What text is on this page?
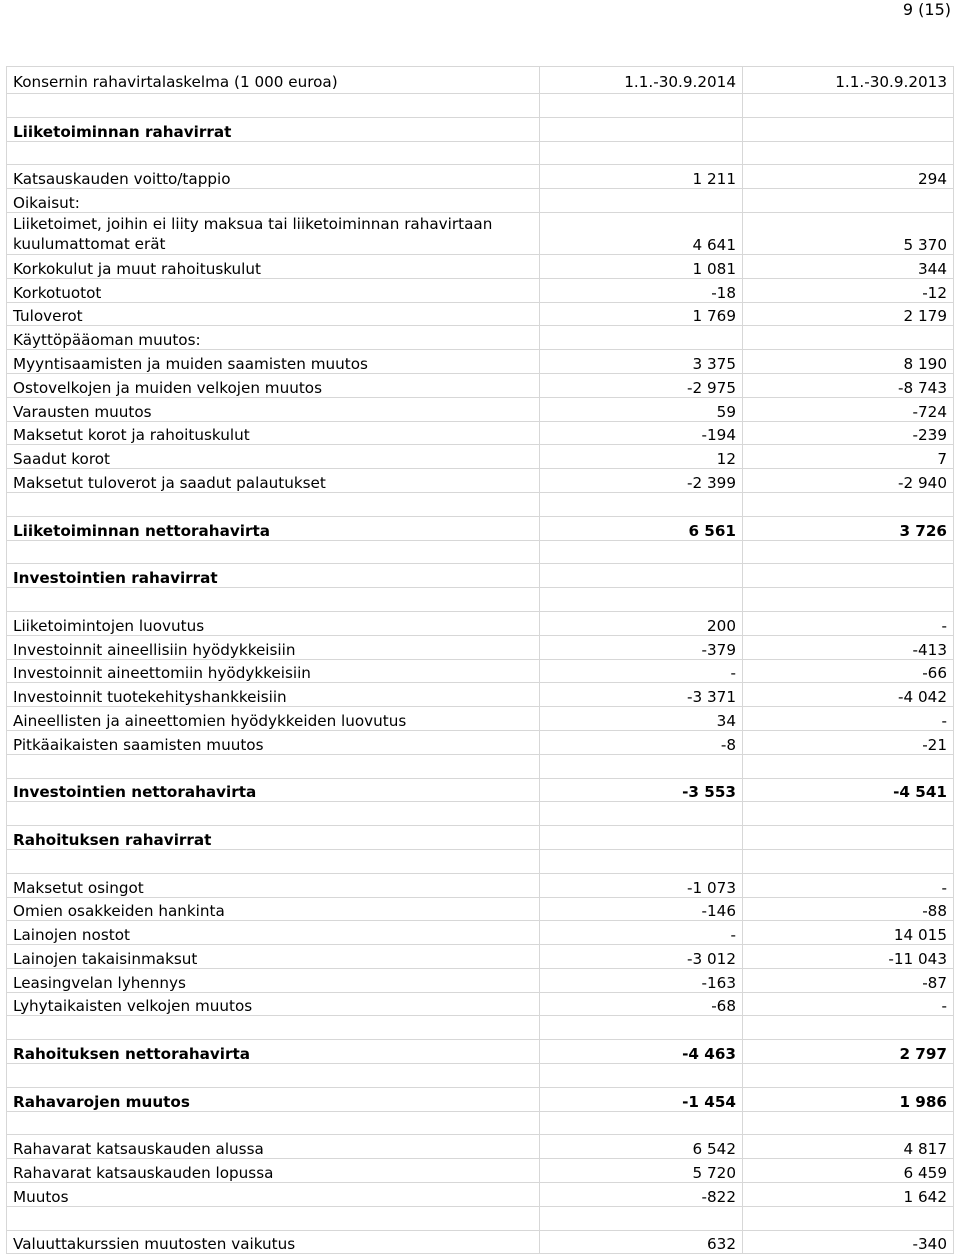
9 (15)
Konsernin rahavirtalaskelma (1 000 euroa)	1.1.-30.9.2014	1.1.-30.9.2013

Liiketoiminnan rahavirrat		

Katsauskauden voitto/tappio	1 211	294
Oikaisut:		
Liiketoimet, joihin ei liity maksua tai liiketoiminnan rahavirtaan kuulumattomat erät	4 641	5 370
Korkokulut ja muut rahoituskulut	1 081	344
Korkotuotot	-18	-12
Tuloverot	1 769	2 179
Käyttöpääoman muutos:		
Myyntisaamisten ja muiden saamisten muutos	3 375	8 190
Ostovelkojen ja muiden velkojen muutos	-2 975	-8 743
Varausten muutos	59	-724
Maksetut korot ja rahoituskulut	-194	-239
Saadut korot	12	7
Maksetut tuloverot ja saadut palautukset	-2 399	-2 940

Liiketoiminnan nettorahavirta	6 561	3 726

Investointien rahavirrat		

Liiketoimintojen luovutus	200	-
Investoinnit aineellisiin hyödykkeisiin	-379	-413
Investoinnit aineettomiin hyödykkeisiin	-	-66
Investoinnit tuotekehityshankkeisiin	-3 371	-4 042
Aineellisten ja aineettomien hyödykkeiden luovutus	34	-
Pitkäaikaisten saamisten muutos	-8	-21

Investointien nettorahavirta	-3 553	-4 541

Rahoituksen rahavirrat		

Maksetut osingot	-1 073	-
Omien osakkeiden hankinta	-146	-88
Lainojen nostot	-	14 015
Lainojen takaisinmaksut	-3 012	-11 043
Leasingvelan lyhennys	-163	-87
Lyhytaikaisten velkojen muutos	-68	-

Rahoituksen nettorahavirta	-4 463	2 797

Rahavarojen muutos	-1 454	1 986

Rahavarat katsauskauden alussa	6 542	4 817
Rahavarat katsauskauden lopussa	5 720	6 459
Muutos	-822	1 642

Valuuttakurssien muutosten vaikutus	632	-340
